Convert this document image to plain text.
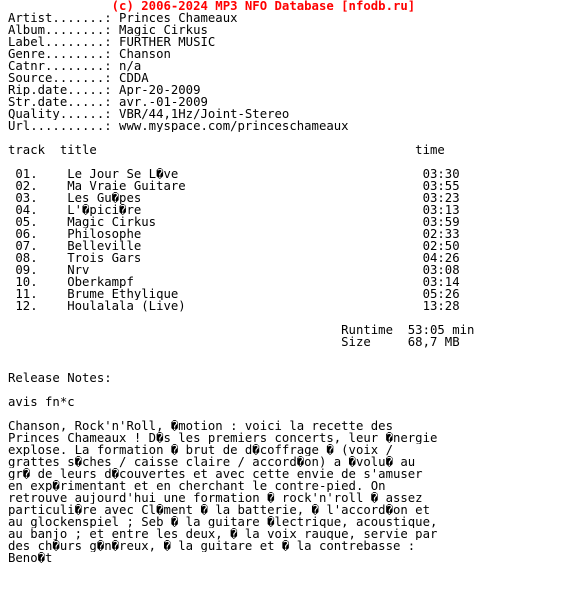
(c) 2006-2024 MP3 NFO Database [nfodb.ru]
Artist.......: Princes Chameaux
Album........: Magic Cirkus
Label........: FURTHER MUSIC
Genre........: Chanson
Catnr........: n/a
Source.......: CDDA
Rip.date.....: Apr-20-2009
Str.date.....: avr.-01-2009
Quality......: VBR/44,1Hz/Joint-Stereo
Url..........: www.myspace.com/princeschameaux
track  title                                           time
01.    Le Jour Se L�ve                                 03:30
02.    Ma Vraie Guitare                                03:55
03.    Les Gu�pes                                      03:23
04.    L'�pici�re                                      03:13
05.    Magic Cirkus                                    03:59
06.    Philosophe                                      02:33
07.    Belleville                                      02:50
08.    Trois Gars                                      04:26
09.    Nrv                                             03:08
10.    Oberkampf                                       03:14
11.    Brume Ethylique                                 05:26
12.    Houlalala (Live)                                13:28
Runtime  53:05 min
Size     68,7 MB
Release Notes:
avis fn*c
Chanson, Rock'n'Roll, �motion : voici la recette des
Princes Chameaux ! D�s les premiers concerts, leur �nergie
explose. La formation � brut de d�coffrage � (voix /
grattes s�ches / caisse claire / accord�on) a �volu� au
gr� de leurs d�couvertes et avec cette envie de s'amuser
en exp�rimentant et en cherchant le contre-pied. On
retrouve aujourd'hui une formation � rock'n'roll � assez
particuli�re avec Cl�ment � la batterie, � l'accord�on et
au glockenspiel ; Seb � la guitare �lectrique, acoustique,
au banjo ; et entre les deux, � la voix rauque, servie par
des ch�urs g�n�reux, � la guitare et � la contrebasse :
Beno�t
